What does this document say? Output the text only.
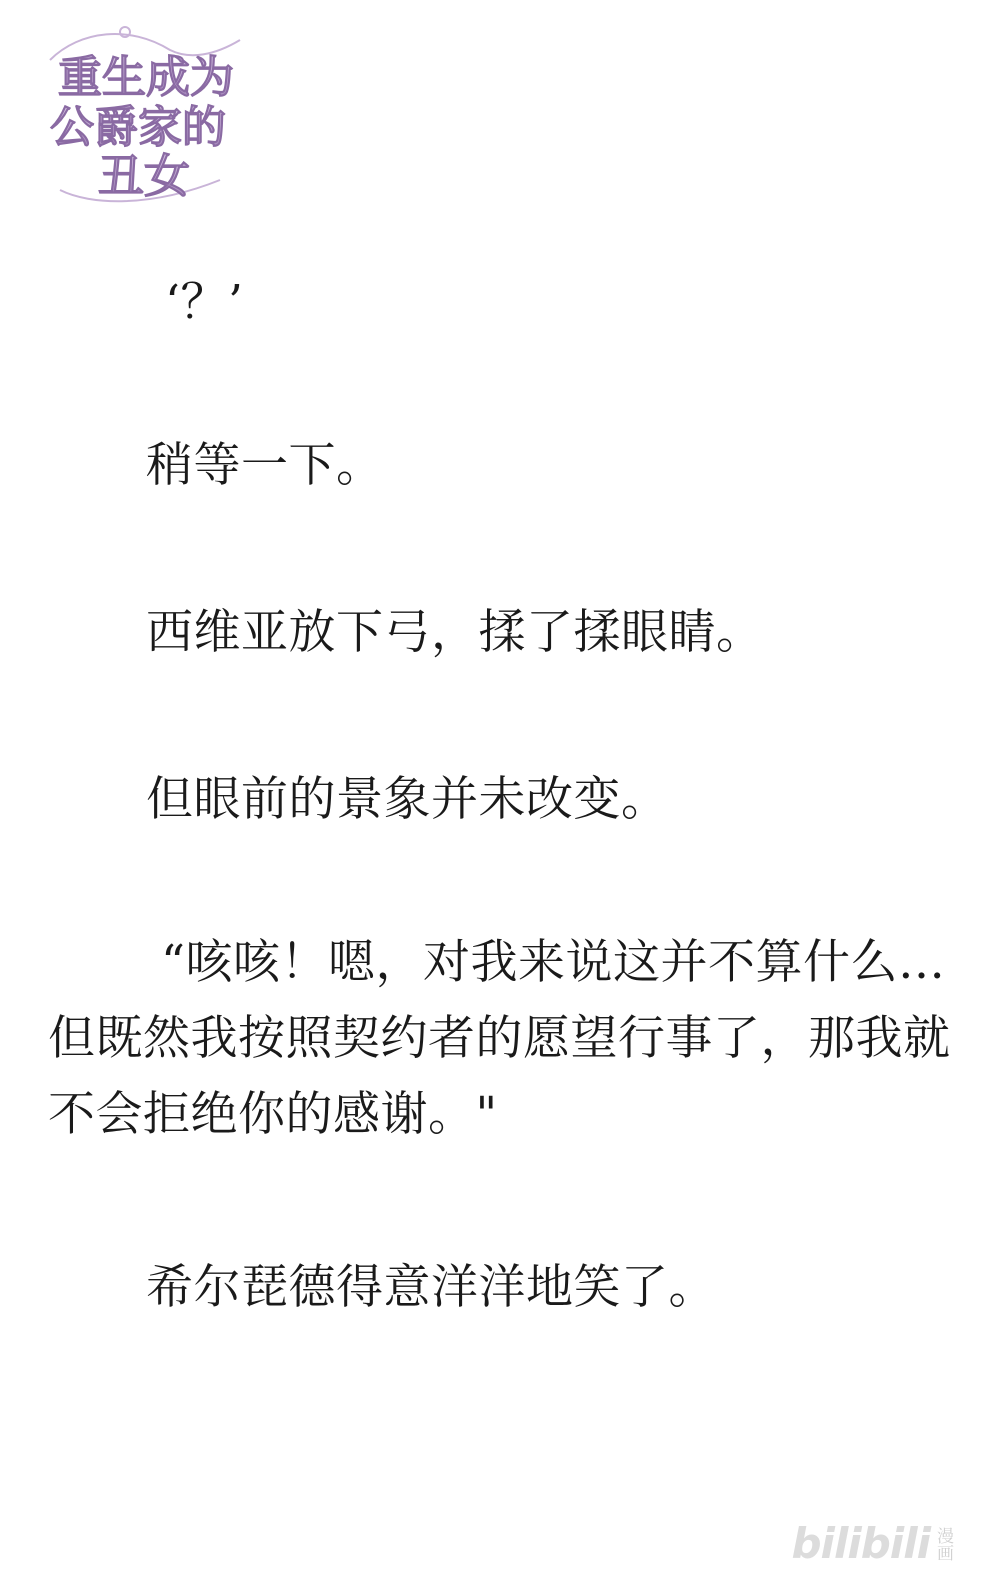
重生成为
公爵家的
丑女

‘？’

稍等一下。

西维亚放下弓，揉了揉眼睛。

但眼前的景象并未改变。

“咳咳！嗯，对我来说这并不算什么…但既然我按照契约者的愿望行事了，那我就不会拒绝你的感谢。"

希尔琵德得意洋洋地笑了。

bilibili 漫画
